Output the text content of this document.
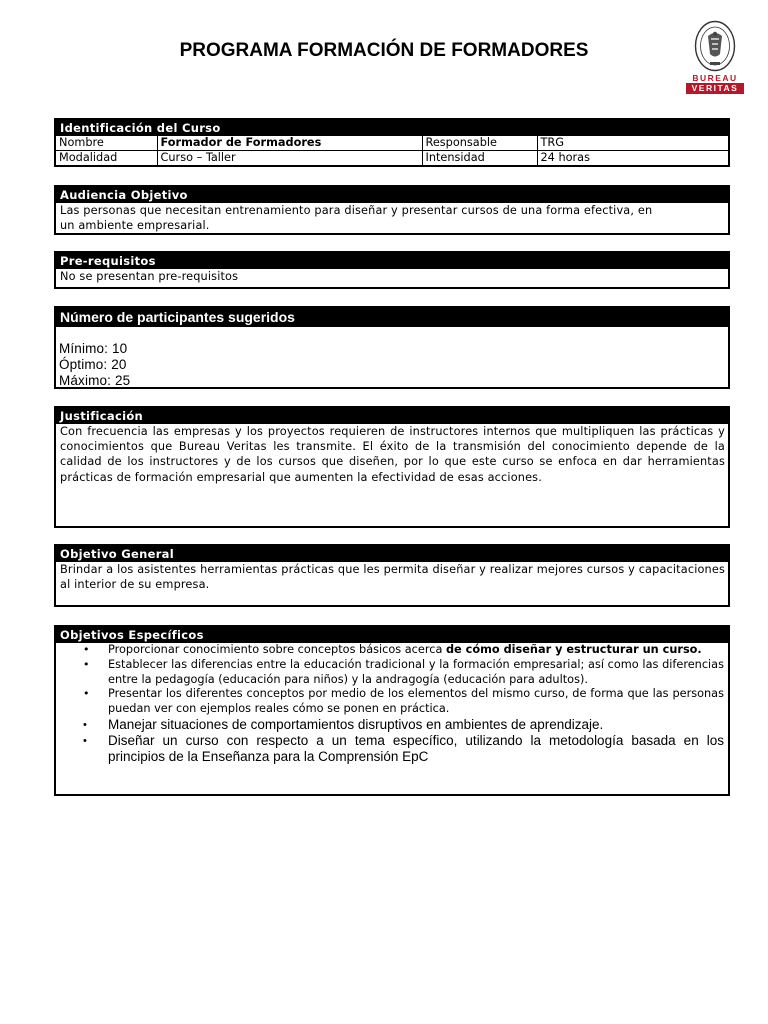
PROGRAMA FORMACIÓN DE FORMADORES
BUREAU
VERITAS
Identificación del Curso
Nombre	Formador de Formadores	Responsable	TRG
Modalidad	Curso – Taller	Intensidad	24 horas
Audiencia Objetivo
Las personas que necesitan entrenamiento para diseñar y presentar cursos de una forma efectiva, en
un ambiente empresarial.
Pre-requisitos
No se presentan pre-requisitos
Número de participantes sugeridos
Mínimo: 10
Óptimo: 20
Máximo: 25
Justificación
Con frecuencia las empresas y los proyectos requieren de instructores internos que multipliquen las prácticas y conocimientos que Bureau Veritas les transmite. El éxito de la transmisión del conocimiento depende de la calidad de los instructores y de los cursos que diseñen, por lo que este curso se enfoca en dar herramientas prácticas de formación empresarial que aumenten la efectividad de esas acciones.
Objetivo General
Brindar a los asistentes herramientas prácticas que les permita diseñar y realizar mejores cursos y capacitaciones al interior de su empresa.
Objetivos Específicos
• Proporcionar conocimiento sobre conceptos básicos acerca de cómo diseñar y estructurar un curso.
• Establecer las diferencias entre la educación tradicional y la formación empresarial; así como las diferencias entre la pedagogía (educación para niños) y la andragogía (educación para adultos).
• Presentar los diferentes conceptos por medio de los elementos del mismo curso, de forma que las personas puedan ver con ejemplos reales cómo se ponen en práctica.
• Manejar situaciones de comportamientos disruptivos en ambientes de aprendizaje.
• Diseñar un curso con respecto a un tema específico, utilizando la metodología basada en los principios de la Enseñanza para la Comprensión EpC
